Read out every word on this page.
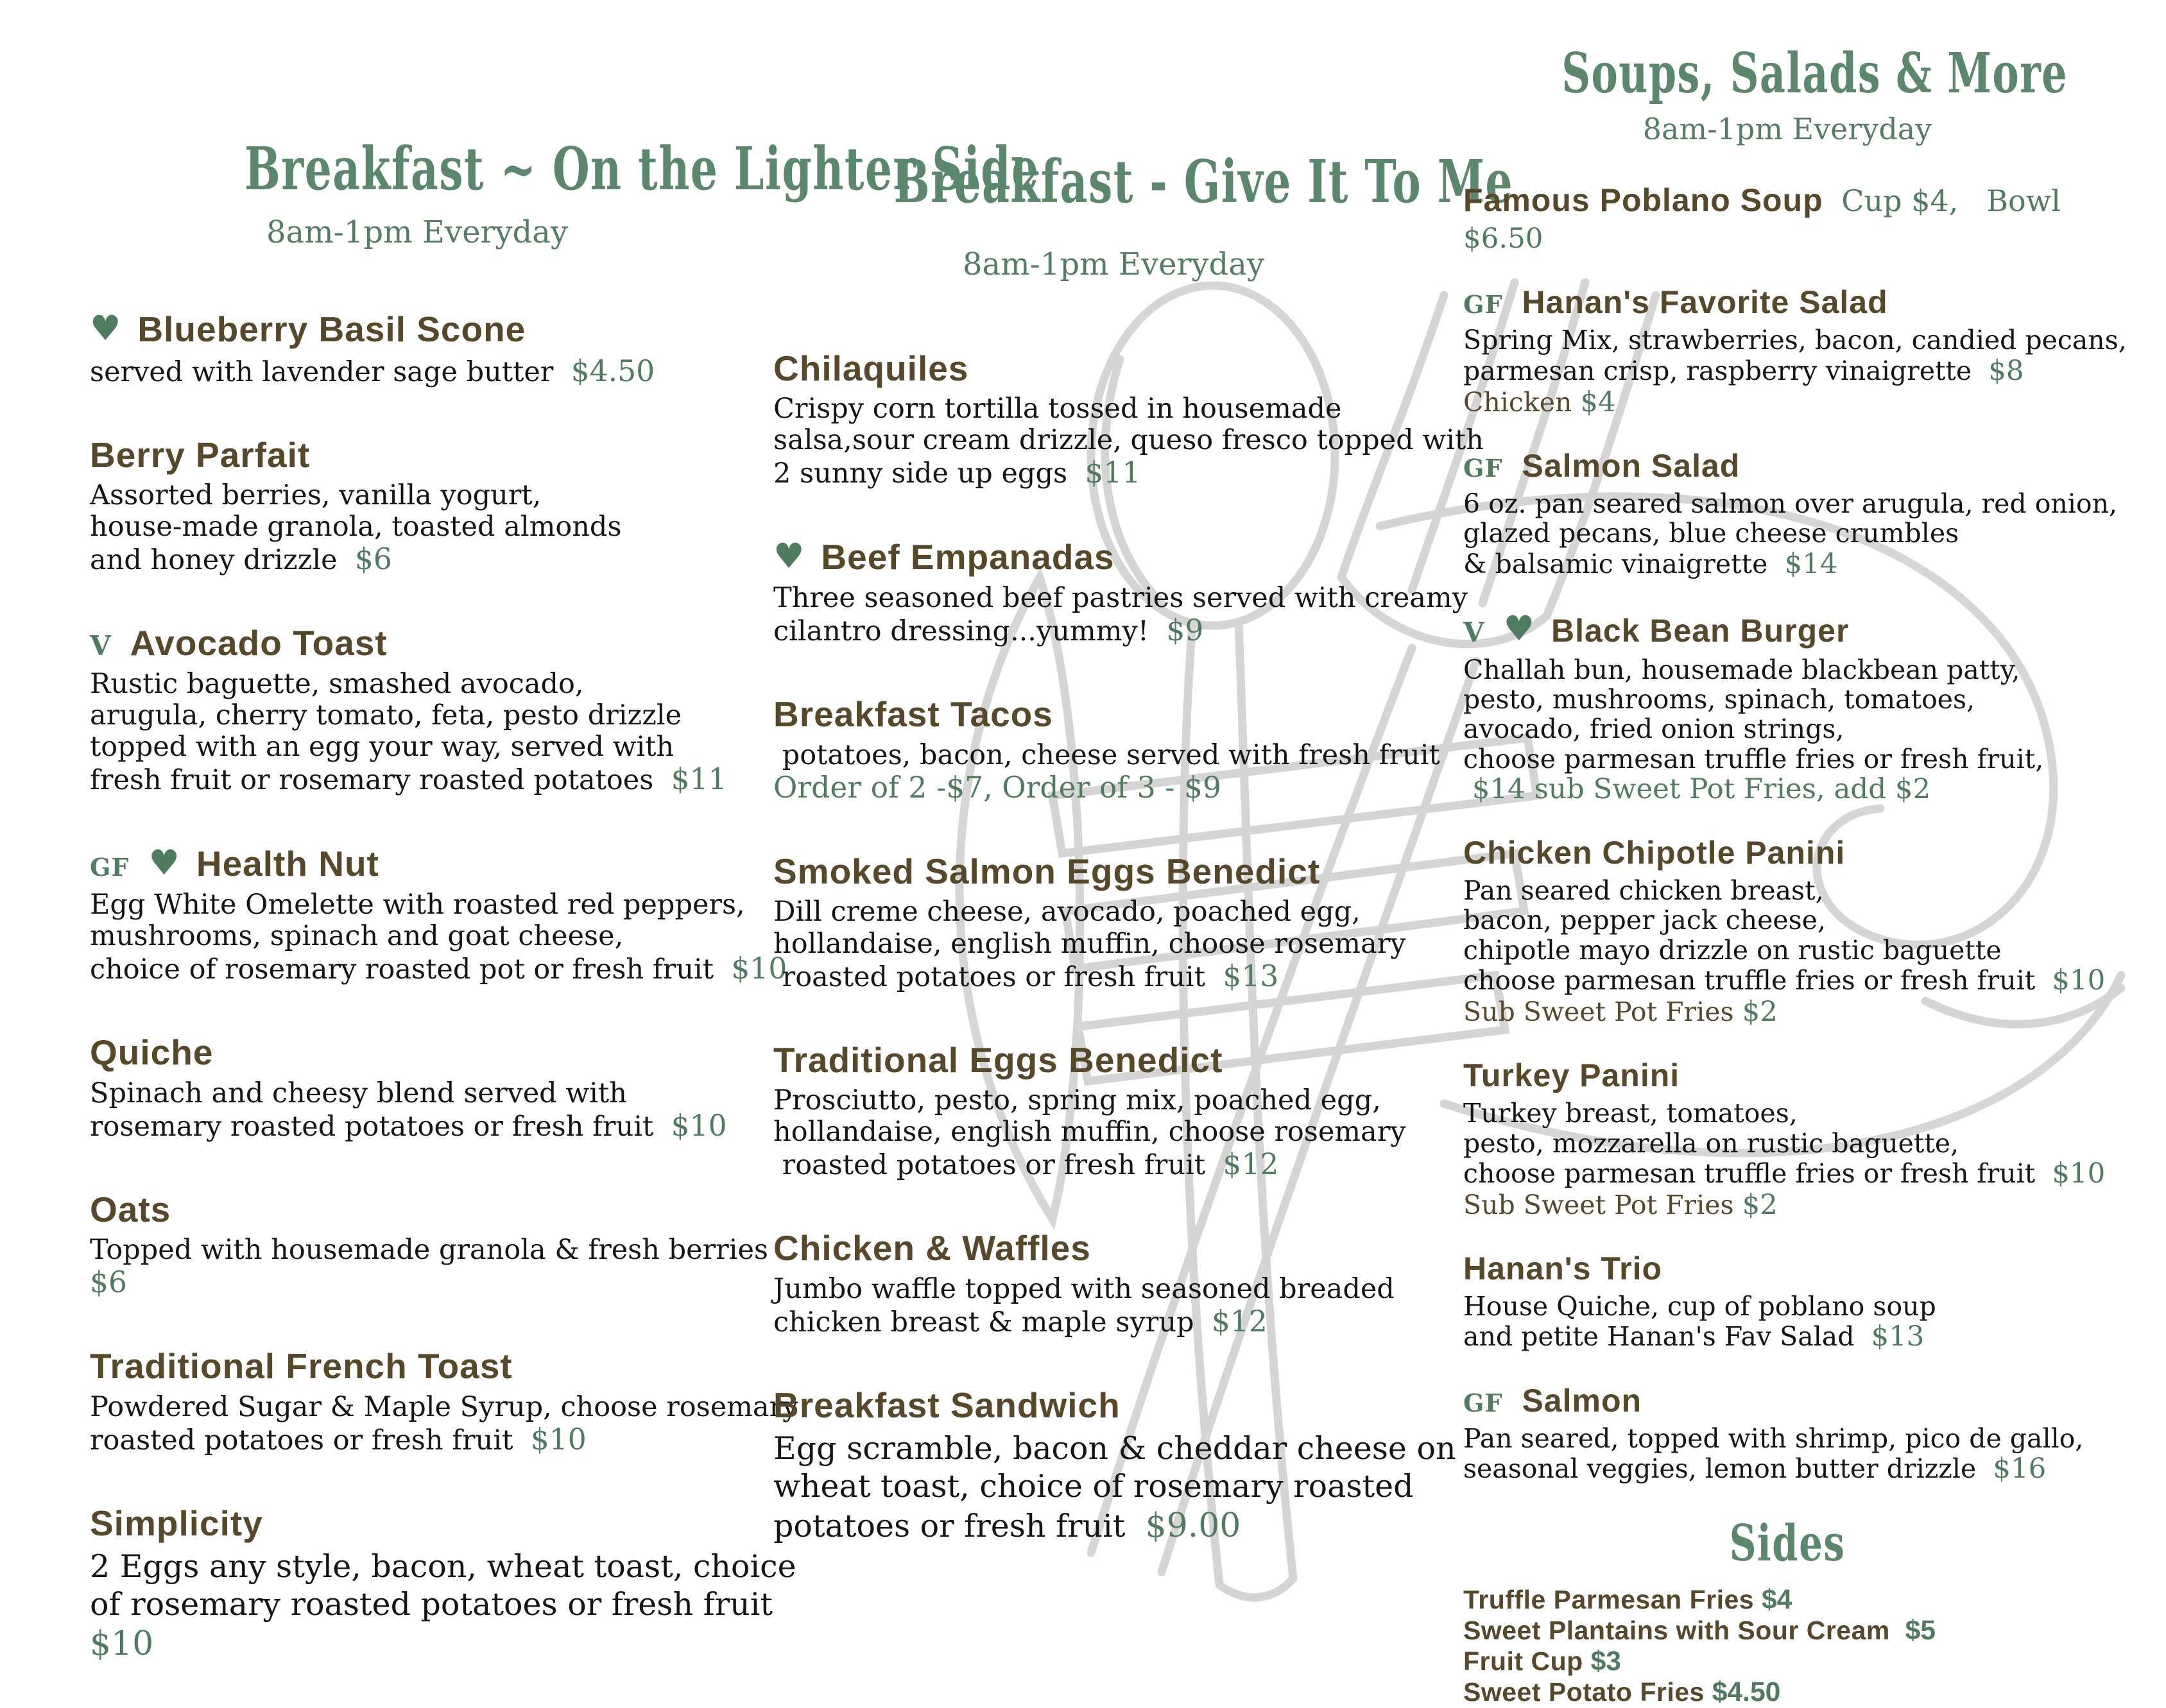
Breakfast ~ On the Lighter Side
8am-1pm Everyday
♥ Blueberry Basil Scone
served with lavender sage butter  $4.50
Berry Parfait
Assorted berries, vanilla yogurt,
house-made granola, toasted almonds
and honey drizzle  $6
V Avocado Toast
Rustic baguette, smashed avocado,
arugula, cherry tomato, feta, pesto drizzle
topped with an egg your way, served with
fresh fruit or rosemary roasted potatoes  $11
GF ♥ Health Nut
Egg White Omelette with roasted red peppers,
mushrooms, spinach and goat cheese,
choice of rosemary roasted pot or fresh fruit  $10
Quiche
Spinach and cheesy blend served with
rosemary roasted potatoes or fresh fruit  $10
Oats
Topped with housemade granola & fresh berries
$6
Traditional French Toast
Powdered Sugar & Maple Syrup, choose rosemary
roasted potatoes or fresh fruit  $10
Simplicity
2 Eggs any style, bacon, wheat toast, choice
of rosemary roasted potatoes or fresh fruit
$10
Breakfast - Give It To Me
8am-1pm Everyday
Chilaquiles
Crispy corn tortilla tossed in housemade
salsa,sour cream drizzle, queso fresco topped with
2 sunny side up eggs  $11
♥ Beef Empanadas
Three seasoned beef pastries served with creamy
cilantro dressing...yummy!  $9
Breakfast Tacos
potatoes, bacon, cheese served with fresh fruit
Order of 2 -$7, Order of 3 - $9
Smoked Salmon Eggs Benedict
Dill creme cheese, avocado, poached egg,
hollandaise, english muffin, choose rosemary
roasted potatoes or fresh fruit  $13
Traditional Eggs Benedict
Prosciutto, pesto, spring mix, poached egg,
hollandaise, english muffin, choose rosemary
roasted potatoes or fresh fruit  $12
Chicken & Waffles
Jumbo waffle topped with seasoned breaded
chicken breast & maple syrup  $12
Breakfast Sandwich
Egg scramble, bacon & cheddar cheese on
wheat toast, choice of rosemary roasted
potatoes or fresh fruit  $9.00
Soups, Salads & More
8am-1pm Everyday
Famous Poblano Soup Cup $4,   Bowl
$6.50
GF Hanan's Favorite Salad
Spring Mix, strawberries, bacon, candied pecans,
parmesan crisp, raspberry vinaigrette  $8
Chicken $4
GF Salmon Salad
6 oz. pan seared salmon over arugula, red onion,
glazed pecans, blue cheese crumbles
& balsamic vinaigrette  $14
V ♥ Black Bean Burger
Challah bun, housemade blackbean patty,
pesto, mushrooms, spinach, tomatoes,
avocado, fried onion strings,
choose parmesan truffle fries or fresh fruit,
$14 sub Sweet Pot Fries, add $2
Chicken Chipotle Panini
Pan seared chicken breast,
bacon, pepper jack cheese,
chipotle mayo drizzle on rustic baguette
choose parmesan truffle fries or fresh fruit  $10
Sub Sweet Pot Fries $2
Turkey Panini
Turkey breast, tomatoes,
pesto, mozzarella on rustic baguette,
choose parmesan truffle fries or fresh fruit  $10
Sub Sweet Pot Fries $2
Hanan's Trio
House Quiche, cup of poblano soup
and petite Hanan's Fav Salad  $13
GF Salmon
Pan seared, topped with shrimp, pico de gallo,
seasonal veggies, lemon butter drizzle  $16
Sides
Truffle Parmesan Fries $4
Sweet Plantains with Sour Cream  $5
Fruit Cup $3
Sweet Potato Fries $4.50
